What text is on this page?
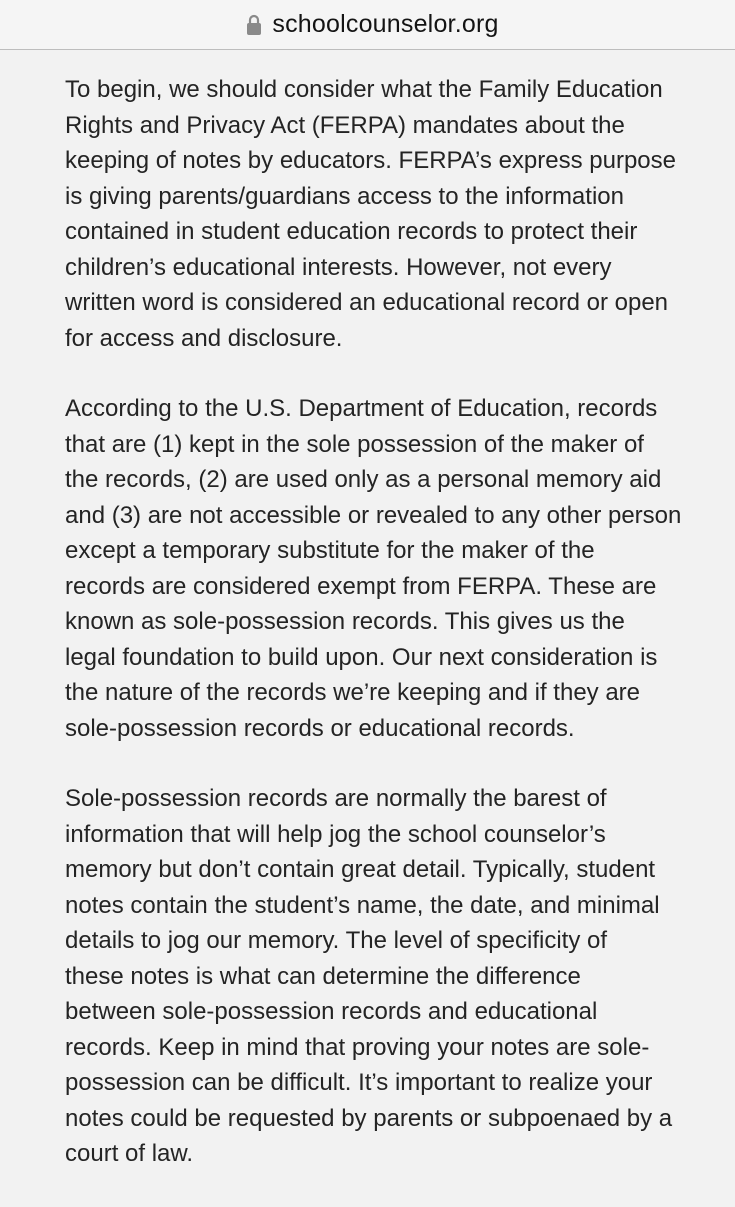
schoolcounselor.org

To begin, we should consider what the Family Education
Rights and Privacy Act (FERPA) mandates about the
keeping of notes by educators. FERPA’s express purpose
is giving parents/guardians access to the information
contained in student education records to protect their
children’s educational interests. However, not every
written word is considered an educational record or open
for access and disclosure.

According to the U.S. Department of Education, records
that are (1) kept in the sole possession of the maker of
the records, (2) are used only as a personal memory aid
and (3) are not accessible or revealed to any other person
except a temporary substitute for the maker of the
records are considered exempt from FERPA. These are
known as sole-possession records. This gives us the
legal foundation to build upon. Our next consideration is
the nature of the records we’re keeping and if they are
sole-possession records or educational records.

Sole-possession records are normally the barest of
information that will help jog the school counselor’s
memory but don’t contain great detail. Typically, student
notes contain the student’s name, the date, and minimal
details to jog our memory. The level of specificity of
these notes is what can determine the difference
between sole-possession records and educational
records. Keep in mind that proving your notes are sole-
possession can be difficult. It’s important to realize your
notes could be requested by parents or subpoenaed by a
court of law.
